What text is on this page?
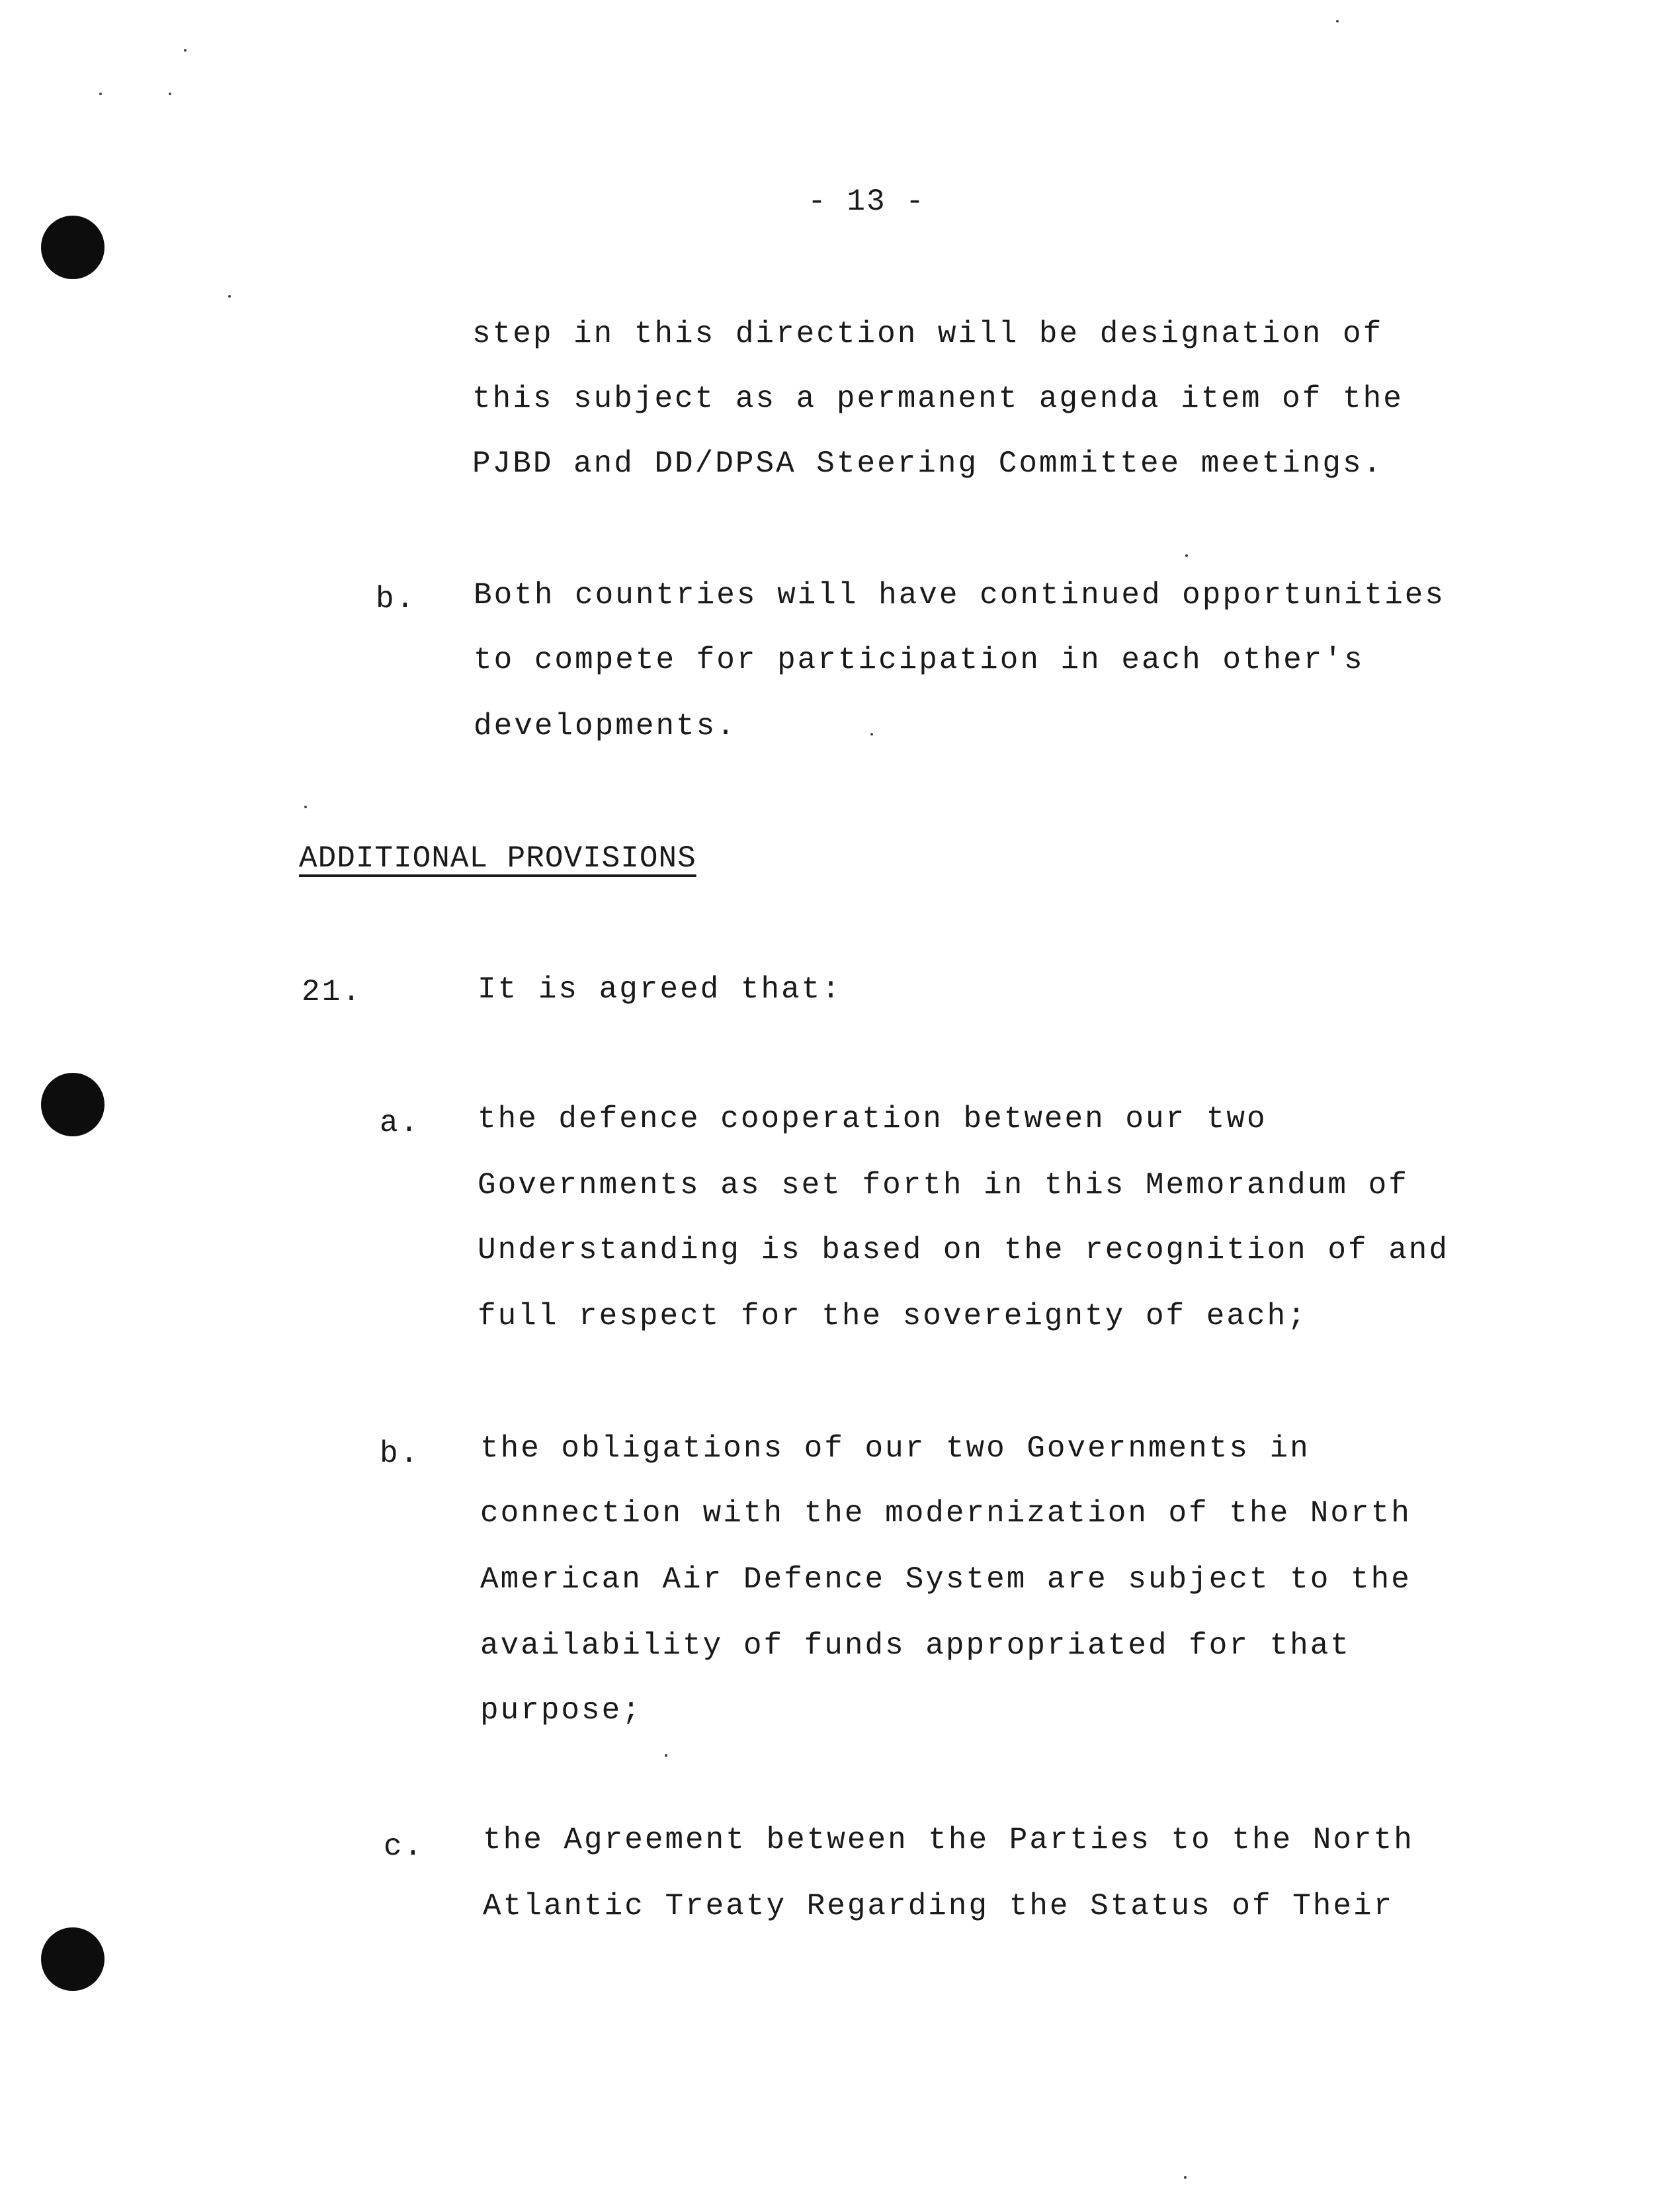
- 13 -
step in this direction will be designation of
this subject as a permanent agenda item of the
PJBD and DD/DPSA Steering Committee meetings.
b. Both countries will have continued opportunities
to compete for participation in each other's
developments.
ADDITIONAL PROVISIONS
21.	It is agreed that:
a. the defence cooperation between our two
Governments as set forth in this Memorandum of
Understanding is based on the recognition of and
full respect for the sovereignty of each;
b. the obligations of our two Governments in
connection with the modernization of the North
American Air Defence System are subject to the
availability of funds appropriated for that
purpose;
c. the Agreement between the Parties to the North
Atlantic Treaty Regarding the Status of Their
